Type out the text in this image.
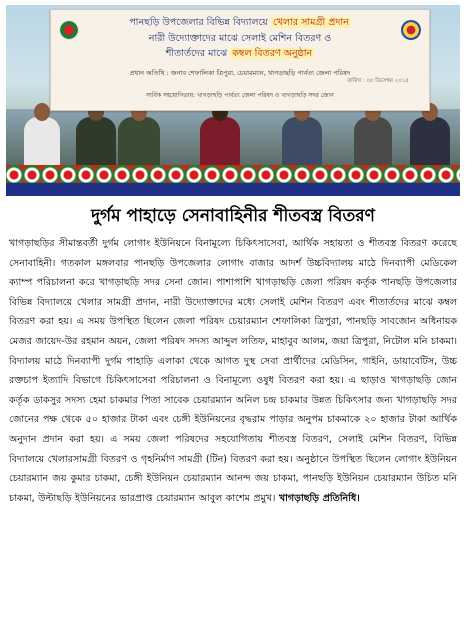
পানছড়ি উপজেলার বিভিন্ন বিদ্যালয়ে খেলার সামগ্রী প্রদান
নারী উদ্যোক্তাদের মাঝে সেলাই মেশিন বিতরণ ও
শীতার্তদের মাঝে কম্বল বিতরণ অনুষ্ঠান
প্রধান অতিথি : জনাব শেফালিকা ত্রিপুরা, চেয়ারম্যান, খাগড়াছড়ি পার্বত্য জেলা পরিষদ
তারিখ : ০৮ ডিসেম্বর ২০১৫
সার্বিক সহযোগিতায়: খাগড়াছড়ি পার্বত্য জেলা পরিষদ ও খাগড়াছড়ি সদর জোন
দুর্গম পাহাড়ে সেনাবাহিনীর শীতবস্ত্র বিতরণ

খাগড়াছড়ির সীমান্তবর্তী দুর্গম লোগাং ইউনিয়নে বিনামূল্যে চিকিৎসাসেবা, আর্থিক সহায়তা ও শীতবস্ত্র বিতরণ করেছে সেনাবাহিনী। গতকাল মঙ্গলবার পানছড়ি উপজেলার লোগাং বাজার আদর্শ উচ্চবিদ্যালয় মাঠে দিনব্যাপী মেডিকেল ক্যাম্প পরিচালনা করে খাগড়াছড়ি সদর সেনা জোন। পাশাপাশি খাগড়াছড়ি জেলা পরিষদ কর্তৃক পানছড়ি উপজেলার বিভিন্ন বিদ্যালয়ে খেলার সামগ্রী প্রদান, নারী উদ্যোক্তাদের মধ্যে সেলাই মেশিন বিতরণ এবং শীতার্তদের মাঝে কম্বল বিতরণ করা হয়। এ সময় উপস্থিত ছিলেন জেলা পরিষদ চেয়ারম্যান শেফালিকা ত্রিপুরা, পানছড়ি সাবজোন অধিনায়ক মেজর জায়েদ-উর রহমান অয়ন, জেলা পরিষদ সদস্য আব্দুল লতিফ, মাহাবুব আলম, জয়া ত্রিপুরা, নিটোল মনি চাকমা। বিদ্যালয় মাঠে দিনব্যাপী দুর্গম পাহাড়ি এলাকা থেকে আগত দুস্থ সেবা প্রার্থীদের মেডিসিন, গাইনি, ডায়াবেটিস, উচ্চ রক্তচাপ ইত্যাদি বিভাগে চিকিৎসাসেবা পরিচালনা ও বিনামূল্যে ওষুধ বিতরণ করা হয়। এ ছাড়াও খাগড়াছড়ি জোন কর্তৃক ডাকসুর সদস্য হেমা চাকমার পিতা সাবেক চেয়ারম্যান অনিল চন্দ্র চাকমার উন্নত চিকিৎসার জন্য খাগড়াছড়ি সদর জোনের পক্ষ থেকে ৫০ হাজার টাকা এবং চেঙ্গী ইউনিয়নের বৃদ্ধরাম পাড়ার অনুপম চাকমাকে ২০ হাজার টাকা আর্থিক অনুদান প্রদান করা হয়। এ সময় জেলা পরিষদের সহযোগিতায় শীতবস্ত্র বিতরণ, সেলাই মেশিন বিতরণ, বিভিন্ন বিদ্যালয়ে খেলারসামগ্রী বিতরণ ও গৃহনির্মাণ সামগ্রী (টিন) বিতরণ করা হয়। অনুষ্ঠানে উপস্থিত ছিলেন লোগাং ইউনিয়ন চেয়ারম্যান জয় কুমার চাকমা, চেঙ্গী ইউনিয়ন চেয়ারম্যান আনন্দ জয় চাকমা, পানছড়ি ইউনিয়ন চেয়ারম্যান উচিত মনি চাকমা, উল্টাছড়ি ইউনিয়নের ভারপ্রাপ্ত চেয়ারম্যান আবুল কাশেম প্রমুখ। খাগড়াছড়ি প্রতিনিধি।
